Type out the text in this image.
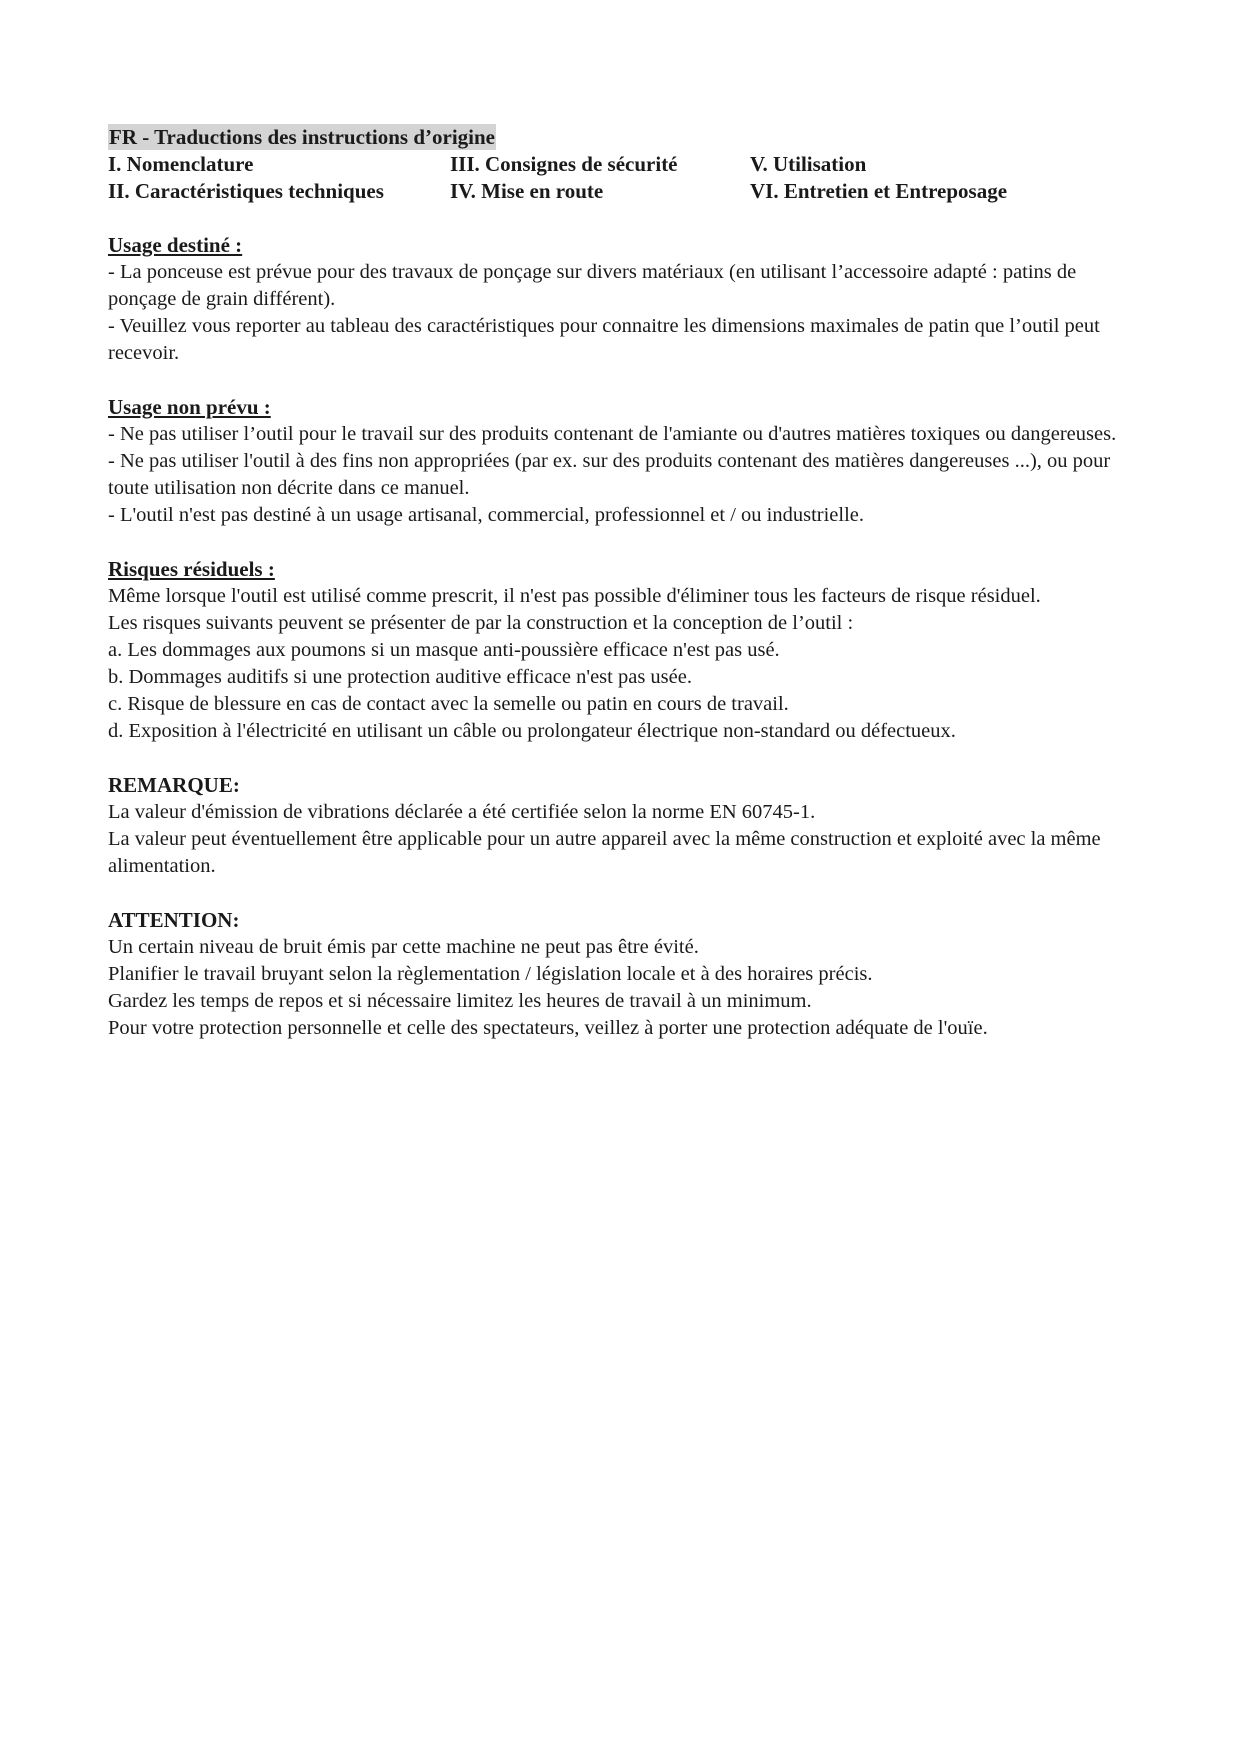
FR - Traductions des instructions d’origine
I. Nomenclature	III. Consignes de sécurité	V. Utilisation
II. Caractéristiques techniques	IV. Mise en route	VI. Entretien et Entreposage

Usage destiné :

- La ponceuse est prévue pour des travaux de ponçage sur divers matériaux (en utilisant l’accessoire adapté : patins de ponçage de grain différent).

- Veuillez vous reporter au tableau des caractéristiques pour connaitre les dimensions maximales de patin que l’outil peut recevoir.

Usage non prévu :

- Ne pas utiliser l’outil pour le travail sur des produits contenant de l'amiante ou d'autres matières toxiques ou dangereuses.

- Ne pas utiliser l'outil à des fins non appropriées (par ex. sur des produits contenant des matières dangereuses ...), ou pour toute utilisation non décrite dans ce manuel.

- L'outil n'est pas destiné à un usage artisanal, commercial, professionnel et / ou industrielle.

Risques résiduels :

Même lorsque l'outil est utilisé comme prescrit, il n'est pas possible d'éliminer tous les facteurs de risque résiduel.

Les risques suivants peuvent se présenter de par la construction et la conception de l’outil :

a. Les dommages aux poumons si un masque anti-poussière efficace n'est pas usé.

b. Dommages auditifs si une protection auditive efficace n'est pas usée.

c. Risque de blessure en cas de contact avec la semelle ou patin en cours de travail.

d. Exposition à l'électricité en utilisant un câble ou prolongateur électrique non-standard ou défectueux.

REMARQUE:

La valeur d'émission de vibrations déclarée a été certifiée selon la norme EN 60745-1.

La valeur peut éventuellement être applicable pour un autre appareil avec la même construction et exploité avec la même alimentation.

ATTENTION:

Un certain niveau de bruit émis par cette machine ne peut pas être évité.

Planifier le travail bruyant selon la règlementation / législation locale et à des horaires précis.

Gardez les temps de repos et si nécessaire limitez les heures de travail à un minimum.

Pour votre protection personnelle et celle des spectateurs, veillez à porter une protection adéquate de l'ouïe.
